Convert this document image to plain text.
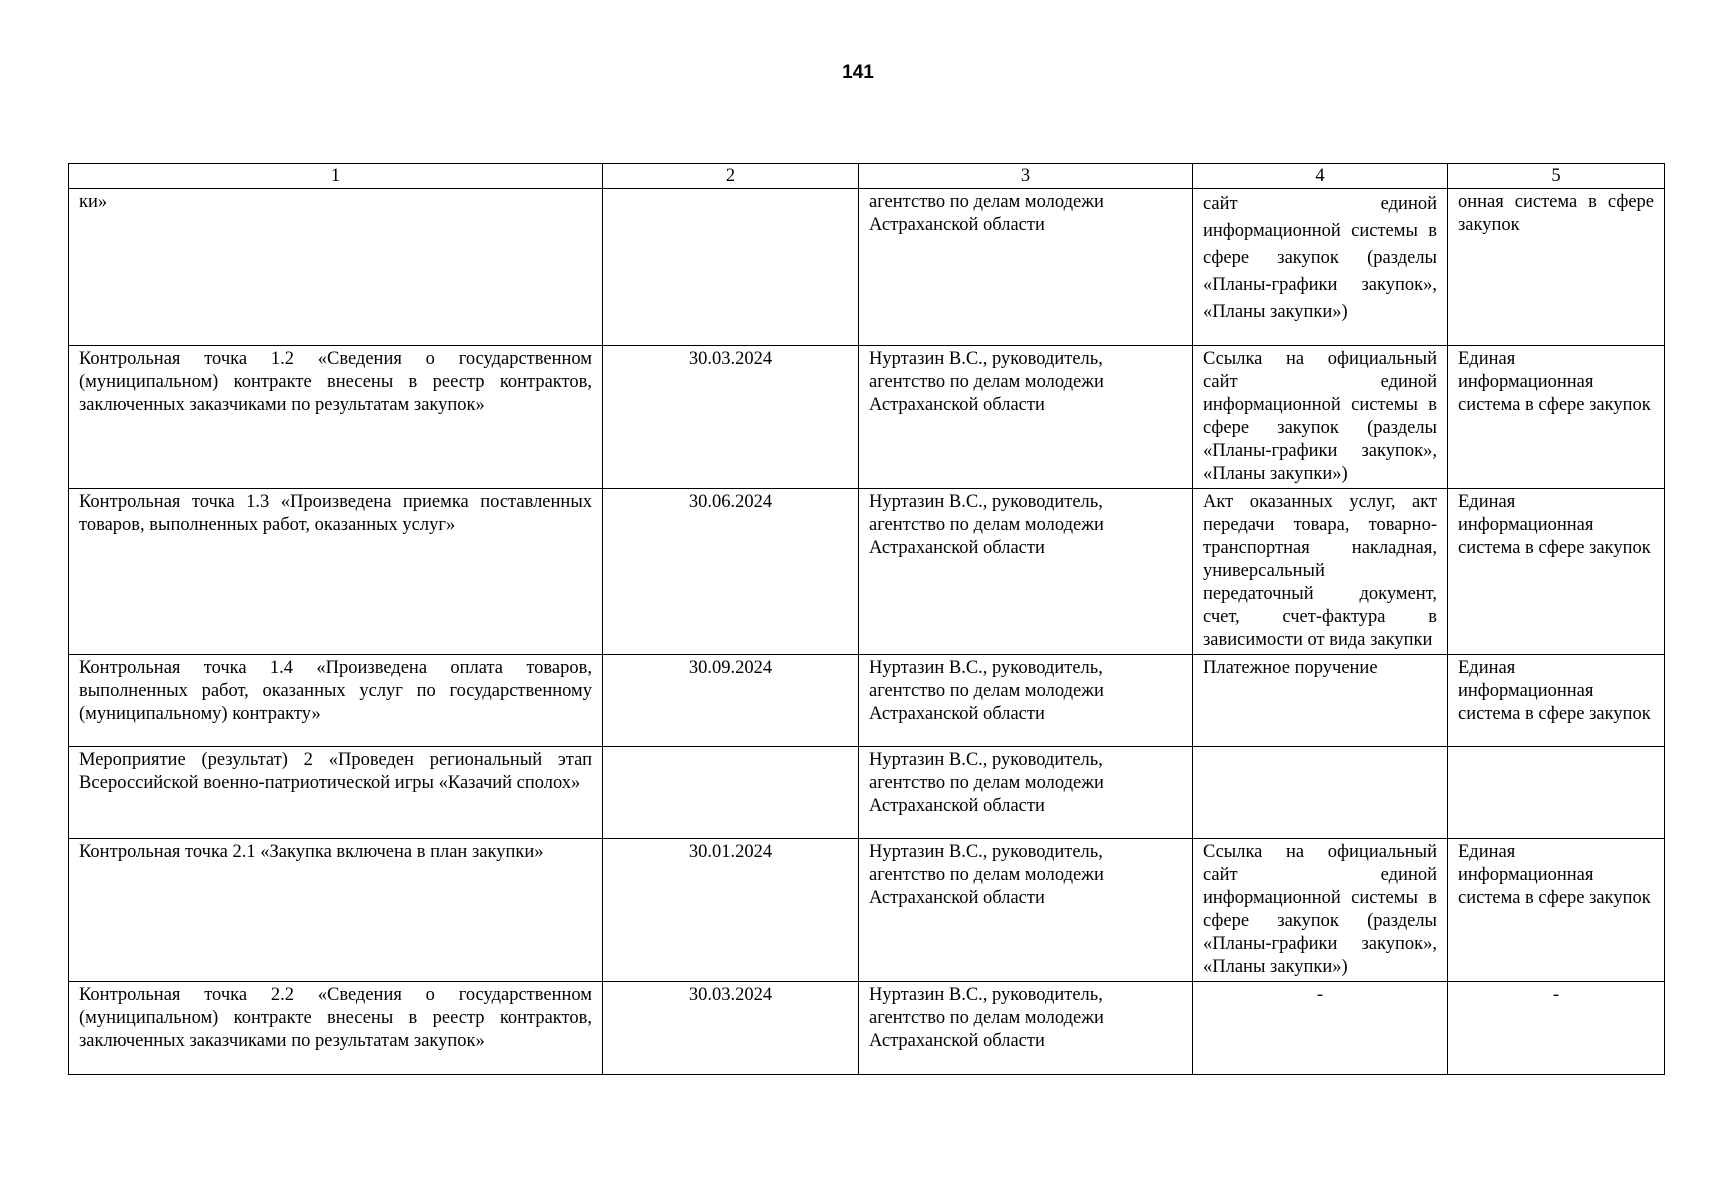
141
1	2	3	4	5
ки»		агентство по делам молодежи Астраханской области	сайт единой информационной системы в сфере закупок (разделы «Планы-графики закупок», «Планы закупки»)	онная система в сфере закупок
Контрольная точка 1.2 «Сведения о государственном (муниципальном) контракте внесены в реестр контрактов, заключенных заказчиками по результатам закупок»	30.03.2024	Нуртазин В.С., руководитель, агентство по делам молодежи Астраханской области	Ссылка на официальный сайт единой информационной системы в сфере закупок (разделы «Планы-графики закупок», «Планы закупки»)	Единая информационная система в сфере закупок
Контрольная точка 1.3 «Произведена приемка поставленных товаров, выполненных работ, оказанных услуг»	30.06.2024	Нуртазин В.С., руководитель, агентство по делам молодежи Астраханской области	Акт оказанных услуг, акт передачи товара, товарно-транспортная накладная, универсальный передаточный документ, счет, счет-фактура в зависимости от вида закупки	Единая информационная система в сфере закупок
Контрольная точка 1.4 «Произведена оплата товаров, выполненных работ, оказанных услуг по государственному (муниципальному) контракту»	30.09.2024	Нуртазин В.С., руководитель, агентство по делам молодежи Астраханской области	Платежное поручение	Единая информационная система в сфере закупок
Мероприятие (результат) 2 «Проведен региональный этап Всероссийской военно-патриотической игры «Казачий сполох»		Нуртазин В.С., руководитель, агентство по делам молодежи Астраханской области		
Контрольная точка 2.1 «Закупка включена в план закупки»	30.01.2024	Нуртазин В.С., руководитель, агентство по делам молодежи Астраханской области	Ссылка на официальный сайт единой информационной системы в сфере закупок (разделы «Планы-графики закупок», «Планы закупки»)	Единая информационная система в сфере закупок
Контрольная точка 2.2 «Сведения о государственном (муниципальном) контракте внесены в реестр контрактов, заключенных заказчиками по результатам закупок»	30.03.2024	Нуртазин В.С., руководитель, агентство по делам молодежи Астраханской области	-	-
